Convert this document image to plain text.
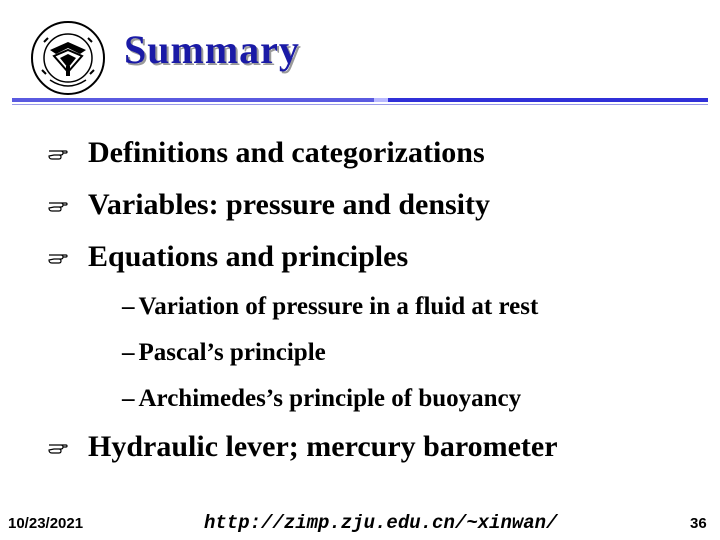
Summary
Definitions and categorizations
Variables: pressure and density
Equations and principles
– Variation of pressure in a fluid at rest
– Pascal’s principle
– Archimedes’s principle of buoyancy
Hydraulic lever; mercury barometer
10/23/2021	http://zimp.zju.edu.cn/~xinwan/	36
